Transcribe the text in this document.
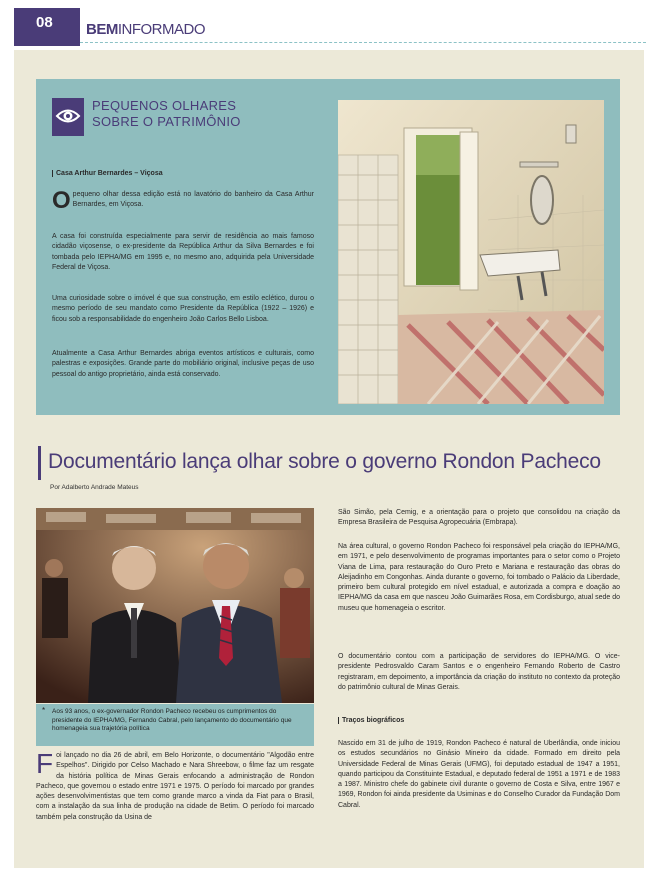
08	BEMINFORMADO
PEQUENOS OLHARES
SOBRE O PATRIMÔNIO
Casa Arthur Bernardes – Viçosa
O pequeno olhar dessa edição está no lavatório do banheiro da Casa Arthur Bernardes, em Viçosa.
A casa foi construída especialmente para servir de residência ao mais famoso cidadão viçosense, o ex-presidente da República Arthur da Silva Bernardes e foi tombada pelo IEPHA/MG em 1995 e, no mesmo ano, adquirida pela Universidade Federal de Viçosa.
Uma curiosidade sobre o imóvel é que sua construção, em estilo eclético, durou o mesmo período de seu mandato como Presidente da República (1922 – 1926) e ficou sob a responsabilidade do engenheiro João Carlos Bello Lisboa.
Atualmente a Casa Arthur Bernardes abriga eventos artísticos e culturais, como palestras e exposições. Grande parte do mobiliário original, inclusive peças de uso pessoal do antigo proprietário, ainda está conservado.
Documentário lança olhar sobre o governo Rondon Pacheco
Por Adalberto Andrade Mateus
* Aos 93 anos, o ex-governador Rondon Pacheco recebeu os cumprimentos do presidente do IEPHA/MG, Fernando Cabral, pelo lançamento do documentário que homenageia sua trajetória política
Foi lançado no dia 26 de abril, em Belo Horizonte, o documentário "Algodão entre Espelhos". Dirigido por Celso Machado e Nara Shreebow, o filme faz um resgate da história política de Minas Gerais enfocando a administração de Rondon Pacheco, que governou o estado entre 1971 e 1975. O período foi marcado por grandes ações desenvolvimentistas que tem como grande marco a vinda da Fiat para o Brasil, com a instalação da sua linha de produção na cidade de Betim. O período foi marcado também pela construção da Usina de
São Simão, pela Cemig, e a orientação para o projeto que consolidou na criação da Empresa Brasileira de Pesquisa Agropecuária (Embrapa).
Na área cultural, o governo Rondon Pacheco foi responsável pela criação do IEPHA/MG, em 1971, e pelo desenvolvimento de programas importantes para o setor como o Projeto Viana de Lima, para restauração do Ouro Preto e Mariana e restauração das obras do Aleijadinho em Congonhas. Ainda durante o governo, foi tombado o Palácio da Liberdade, primeiro bem cultural protegido em nível estadual, e autorizada a compra e doação ao IEPHA/MG da casa em que nasceu João Guimarães Rosa, em Cordisburgo, atual sede do museu que homenageia o escritor.
O documentário contou com a participação de servidores do IEPHA/MG. O vice-presidente Pedrosvaldo Caram Santos e o engenheiro Fernando Roberto de Castro registraram, em depoimento, a importância da criação do instituto no contexto da proteção do patrimônio cultural de Minas Gerais.
Traços biográficos
Nascido em 31 de julho de 1919, Rondon Pacheco é natural de Uberlândia, onde iniciou os estudos secundários no Ginásio Mineiro da cidade. Formado em direito pela Universidade Federal de Minas Gerais (UFMG), foi deputado estadual de 1947 a 1951, quando participou da Constituinte Estadual, e deputado federal de 1951 a 1971 e de 1983 a 1987. Ministro chefe do gabinete civil durante o governo de Costa e Silva, entre 1967 e 1969, Rondon foi ainda presidente da Usiminas e do Conselho Curador da Fundação Dom Cabral.
